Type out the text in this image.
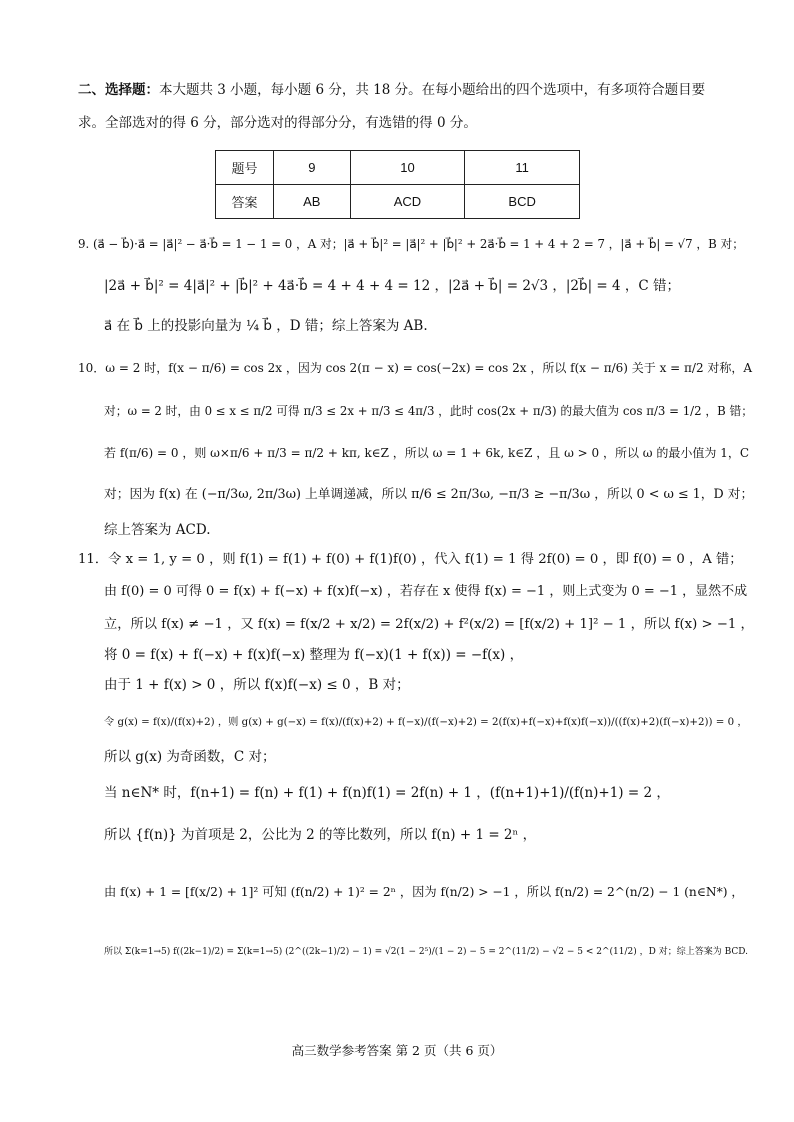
二、选择题：本大题共 3 小题，每小题 6 分，共 18 分。在每小题给出的四个选项中，有多项符合题目要
求。全部选对的得 6 分，部分选对的得部分分，有选错的得 0 分。
题号	9	10	11
答案	AB	ACD	BCD
9. (a⃗ − b⃗)·a⃗ = |a⃗|² − a⃗·b⃗ = 1 − 1 = 0 ，A 对；|a⃗ + b⃗|² = |a⃗|² + |b⃗|² + 2a⃗·b⃗ = 1 + 4 + 2 = 7 ，|a⃗ + b⃗| = √7 ，B 对；
|2a⃗ + b⃗|² = 4|a⃗|² + |b⃗|² + 4a⃗·b⃗ = 4 + 4 + 4 = 12 ，|2a⃗ + b⃗| = 2√3 ，|2b⃗| = 4 ，C 错；
a⃗ 在 b⃗ 上的投影向量为 ¼ b⃗ ，D 错；综上答案为 AB.
10．ω = 2 时，f(x − π/6) = cos 2x ，因为 cos 2(π − x) = cos(−2x) = cos 2x ，所以 f(x − π/6) 关于 x = π/2 对称，A
对；ω = 2 时，由 0 ≤ x ≤ π/2 可得 π/3 ≤ 2x + π/3 ≤ 4π/3 ，此时 cos(2x + π/3) 的最大值为 cos π/3 = 1/2 ，B 错；
若 f(π/6) = 0 ，则 ω×π/6 + π/3 = π/2 + kπ, k∈Z ，所以 ω = 1 + 6k, k∈Z ，且 ω > 0 ，所以 ω 的最小值为 1，C
对；因为 f(x) 在 (−π/3ω, 2π/3ω) 上单调递减，所以 π/6 ≤ 2π/3ω, −π/3 ≥ −π/3ω ，所以 0 < ω ≤ 1，D 对；
综上答案为 ACD.
11．令 x = 1, y = 0 ，则 f(1) = f(1) + f(0) + f(1)f(0) ，代入 f(1) = 1 得 2f(0) = 0 ，即 f(0) = 0 ，A 错；
由 f(0) = 0 可得 0 = f(x) + f(−x) + f(x)f(−x) ，若存在 x 使得 f(x) = −1 ，则上式变为 0 = −1 ，显然不成
立，所以 f(x) ≠ −1 ，又 f(x) = f(x/2 + x/2) = 2f(x/2) + f²(x/2) = [f(x/2) + 1]² − 1 ，所以 f(x) > −1 ，
将 0 = f(x) + f(−x) + f(x)f(−x) 整理为 f(−x)(1 + f(x)) = −f(x) ，
由于 1 + f(x) > 0 ，所以 f(x)f(−x) ≤ 0 ，B 对；
令 g(x) = f(x)/(f(x)+2) ，则 g(x) + g(−x) = f(x)/(f(x)+2) + f(−x)/(f(−x)+2) = 2(f(x)+f(−x)+f(x)f(−x))/((f(x)+2)(f(−x)+2)) = 0 ，
所以 g(x) 为奇函数，C 对；
当 n∈N* 时，f(n+1) = f(n) + f(1) + f(n)f(1) = 2f(n) + 1 ，(f(n+1)+1)/(f(n)+1) = 2 ，
所以 {f(n)} 为首项是 2，公比为 2 的等比数列，所以 f(n) + 1 = 2ⁿ ，
由 f(x) + 1 = [f(x/2) + 1]² 可知 (f(n/2) + 1)² = 2ⁿ ，因为 f(n/2) > −1 ，所以 f(n/2) = 2^(n/2) − 1 (n∈N*) ，
所以 Σ(k=1→5) f((2k−1)/2) = Σ(k=1→5) (2^((2k−1)/2) − 1) = √2(1 − 2⁵)/(1 − 2) − 5 = 2^(11/2) − √2 − 5 < 2^(11/2) ，D 对；综上答案为 BCD.
高三数学参考答案 第 2 页（共 6 页）
